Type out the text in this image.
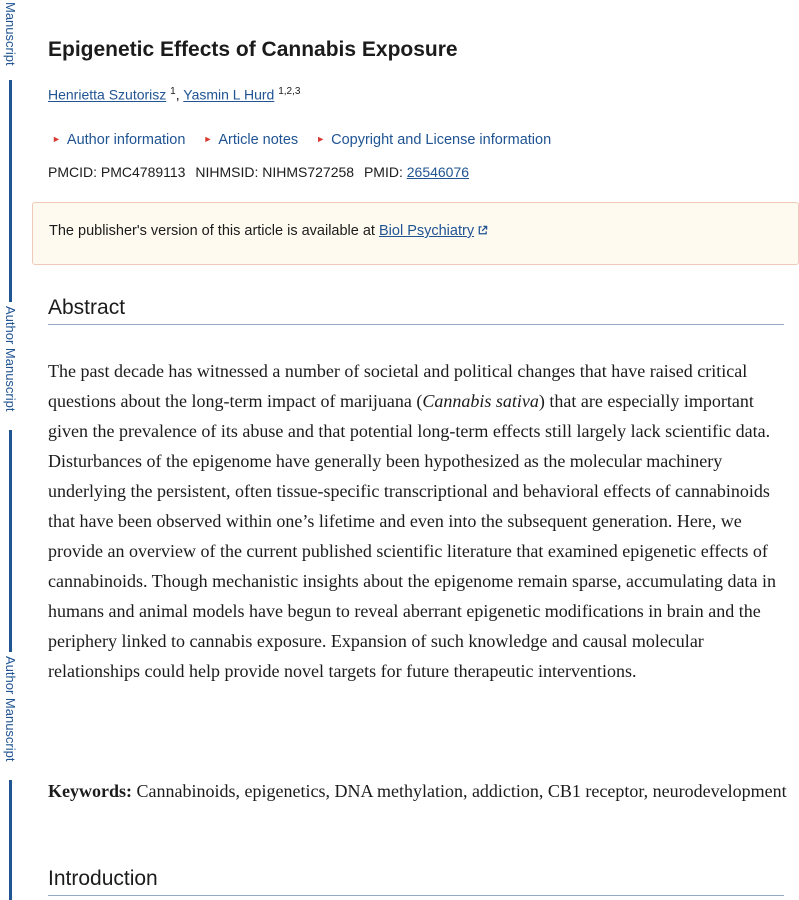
Manuscript
Author Manuscript
Author Manuscript
Epigenetic Effects of Cannabis Exposure
Henrietta Szutorisz $^1$, Yasmin L Hurd $^{1,2,3}$
► Author information ► Article notes ► Copyright and License information
PMCID: PMC4789113 NIHMSID: NIHMS727258 PMID: 26546076
The publisher's version of this article is available at Biol Psychiatry
Abstract

The past decade has witnessed a number of societal and political changes that have raised critical questions about the long-term impact of marijuana (Cannabis sativa) that are especially important given the prevalence of its abuse and that potential long-term effects still largely lack scientific data. Disturbances of the epigenome have generally been hypothesized as the molecular machinery underlying the persistent, often tissue-specific transcriptional and behavioral effects of cannabinoids that have been observed within one’s lifetime and even into the subsequent generation. Here, we provide an overview of the current published scientific literature that examined epigenetic effects of cannabinoids. Though mechanistic insights about the epigenome remain sparse, accumulating data in humans and animal models have begun to reveal aberrant epigenetic modifications in brain and the periphery linked to cannabis exposure. Expansion of such knowledge and causal molecular relationships could help provide novel targets for future therapeutic interventions.

Keywords: Cannabinoids, epigenetics, DNA methylation, addiction, CB1 receptor, neurodevelopment

Introduction
